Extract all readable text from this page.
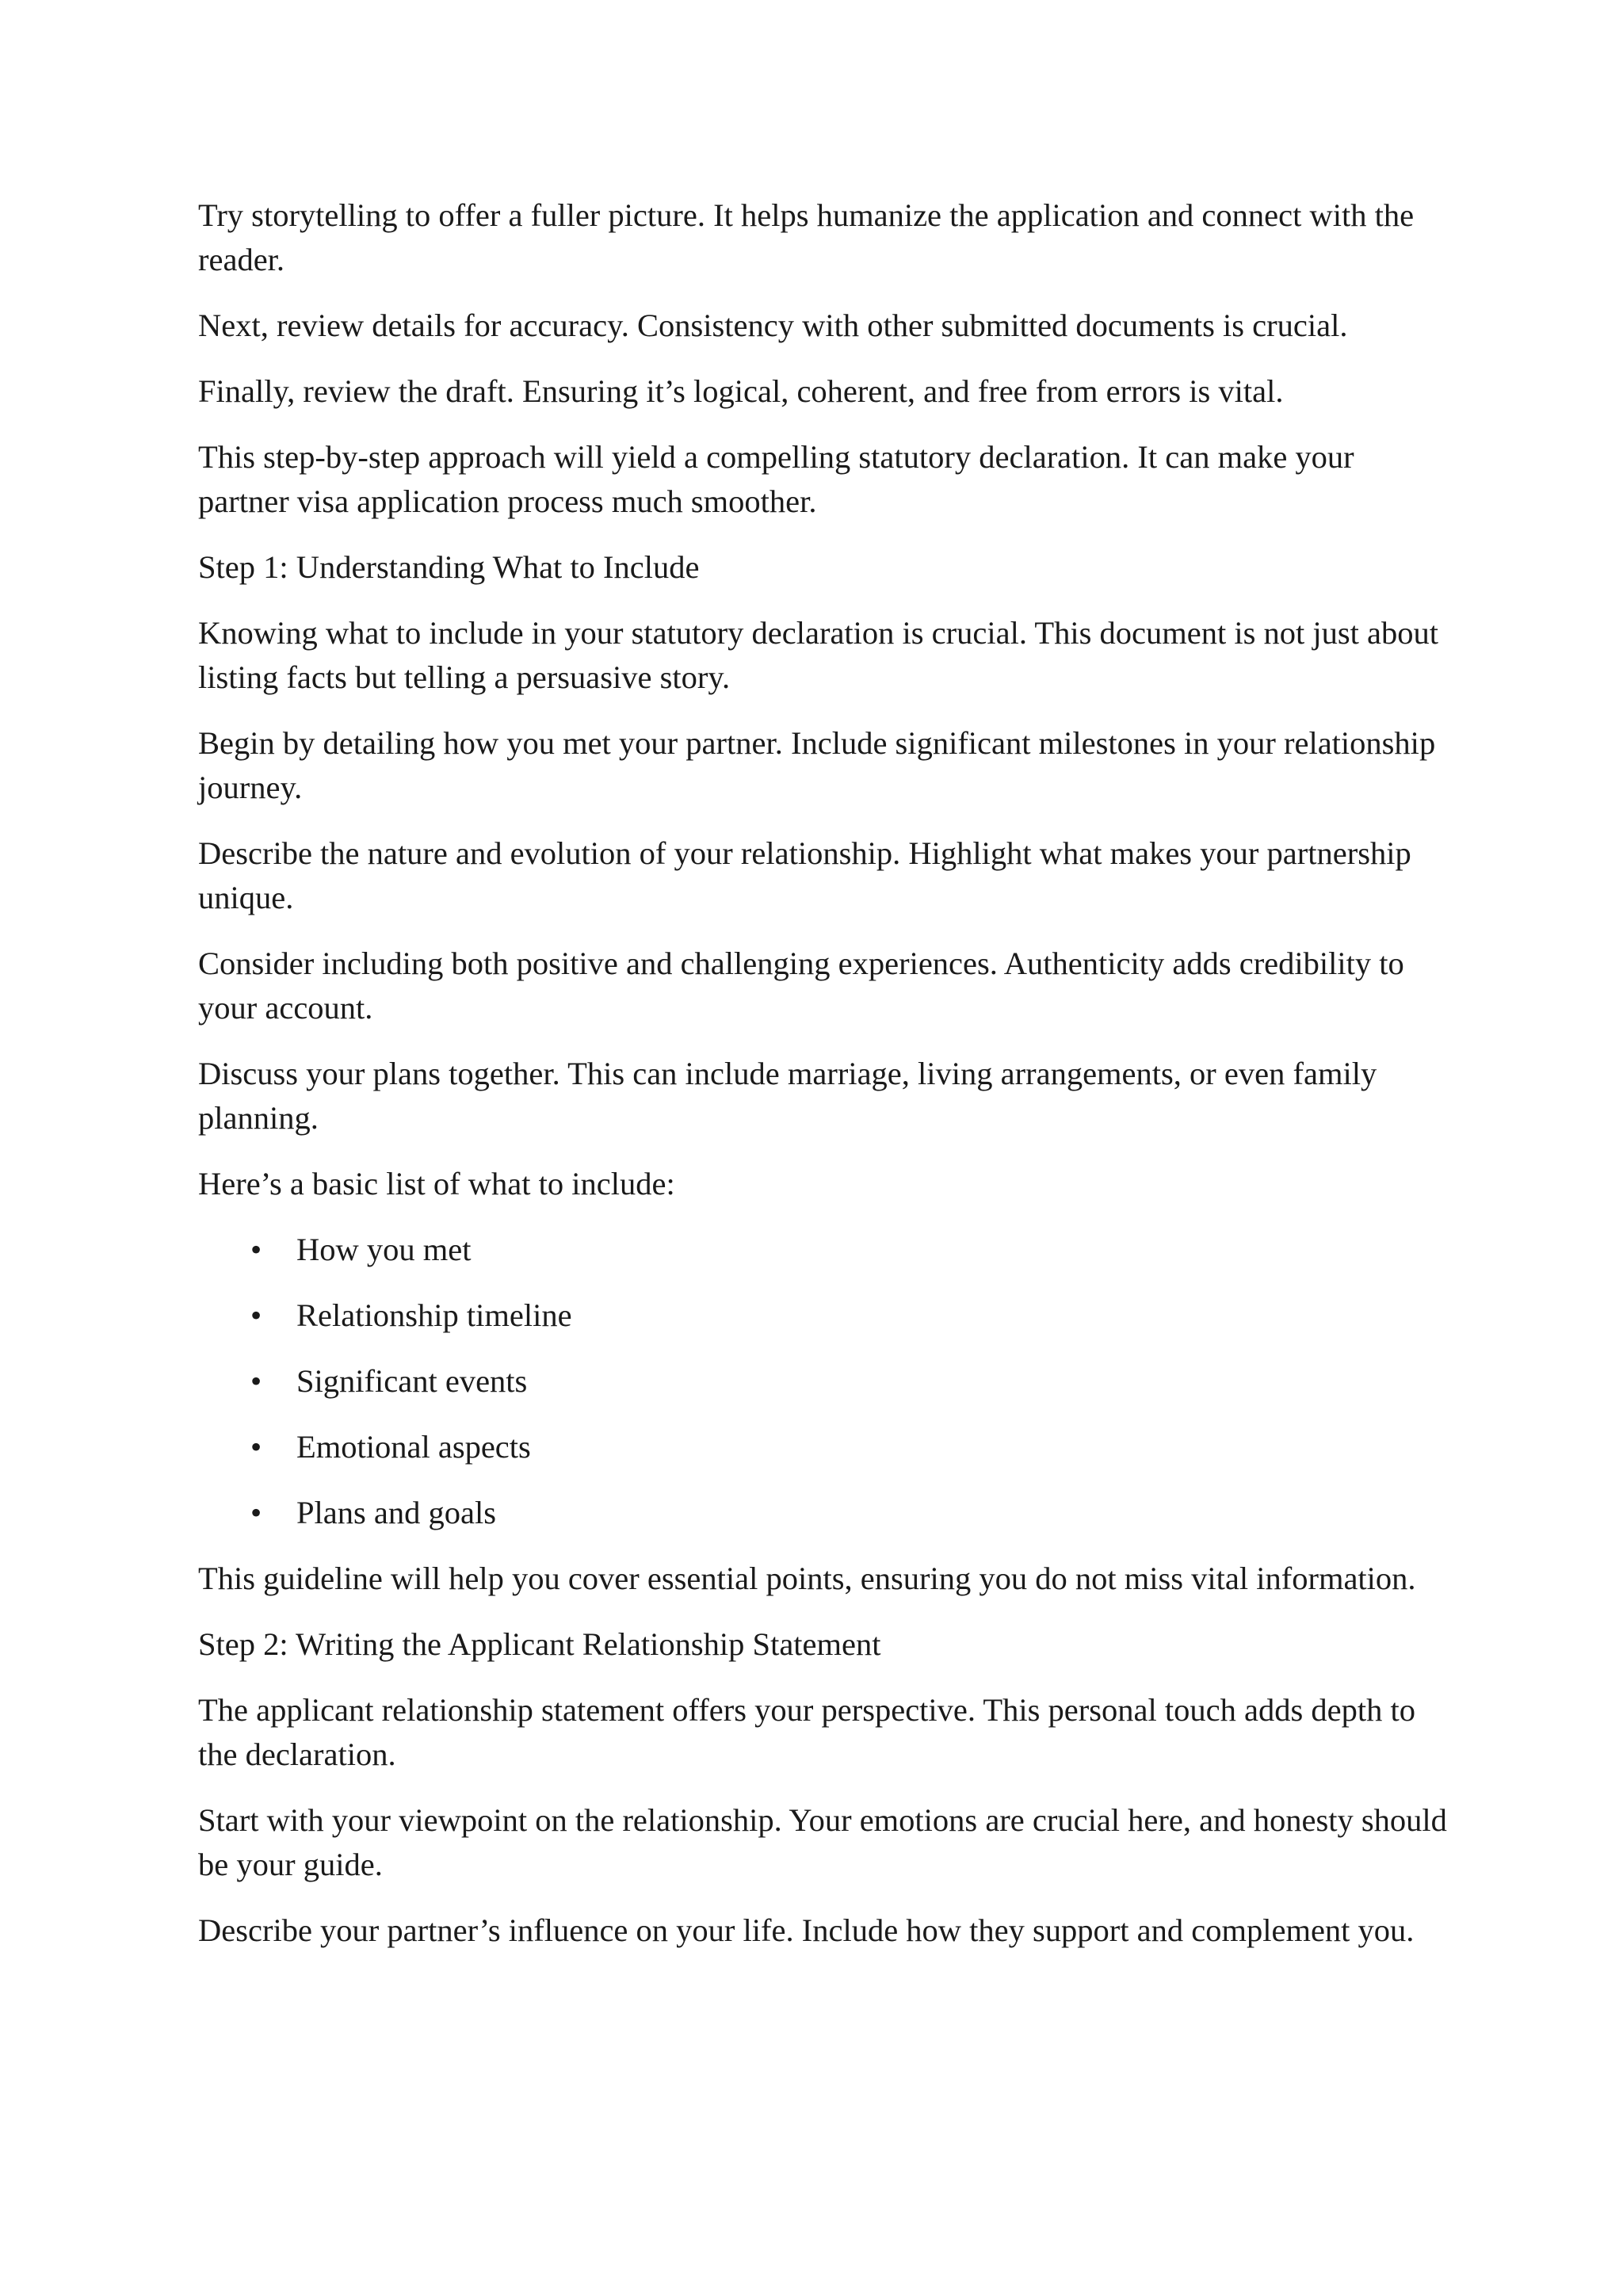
Try storytelling to offer a fuller picture. It helps humanize the application and connect with the reader.

Next, review details for accuracy. Consistency with other submitted documents is crucial.

Finally, review the draft. Ensuring it’s logical, coherent, and free from errors is vital.

This step-by-step approach will yield a compelling statutory declaration. It can make your partner visa application process much smoother.

Step 1: Understanding What to Include

Knowing what to include in your statutory declaration is crucial. This document is not just about listing facts but telling a persuasive story.

Begin by detailing how you met your partner. Include significant milestones in your relationship journey.

Describe the nature and evolution of your relationship. Highlight what makes your partnership unique.

Consider including both positive and challenging experiences. Authenticity adds credibility to your account.

Discuss your plans together. This can include marriage, living arrangements, or even family planning.

Here’s a basic list of what to include:

• How you met
• Relationship timeline
• Significant events
• Emotional aspects
• Plans and goals

This guideline will help you cover essential points, ensuring you do not miss vital information.

Step 2: Writing the Applicant Relationship Statement

The applicant relationship statement offers your perspective. This personal touch adds depth to the declaration.

Start with your viewpoint on the relationship. Your emotions are crucial here, and honesty should be your guide.

Describe your partner’s influence on your life. Include how they support and complement you.
